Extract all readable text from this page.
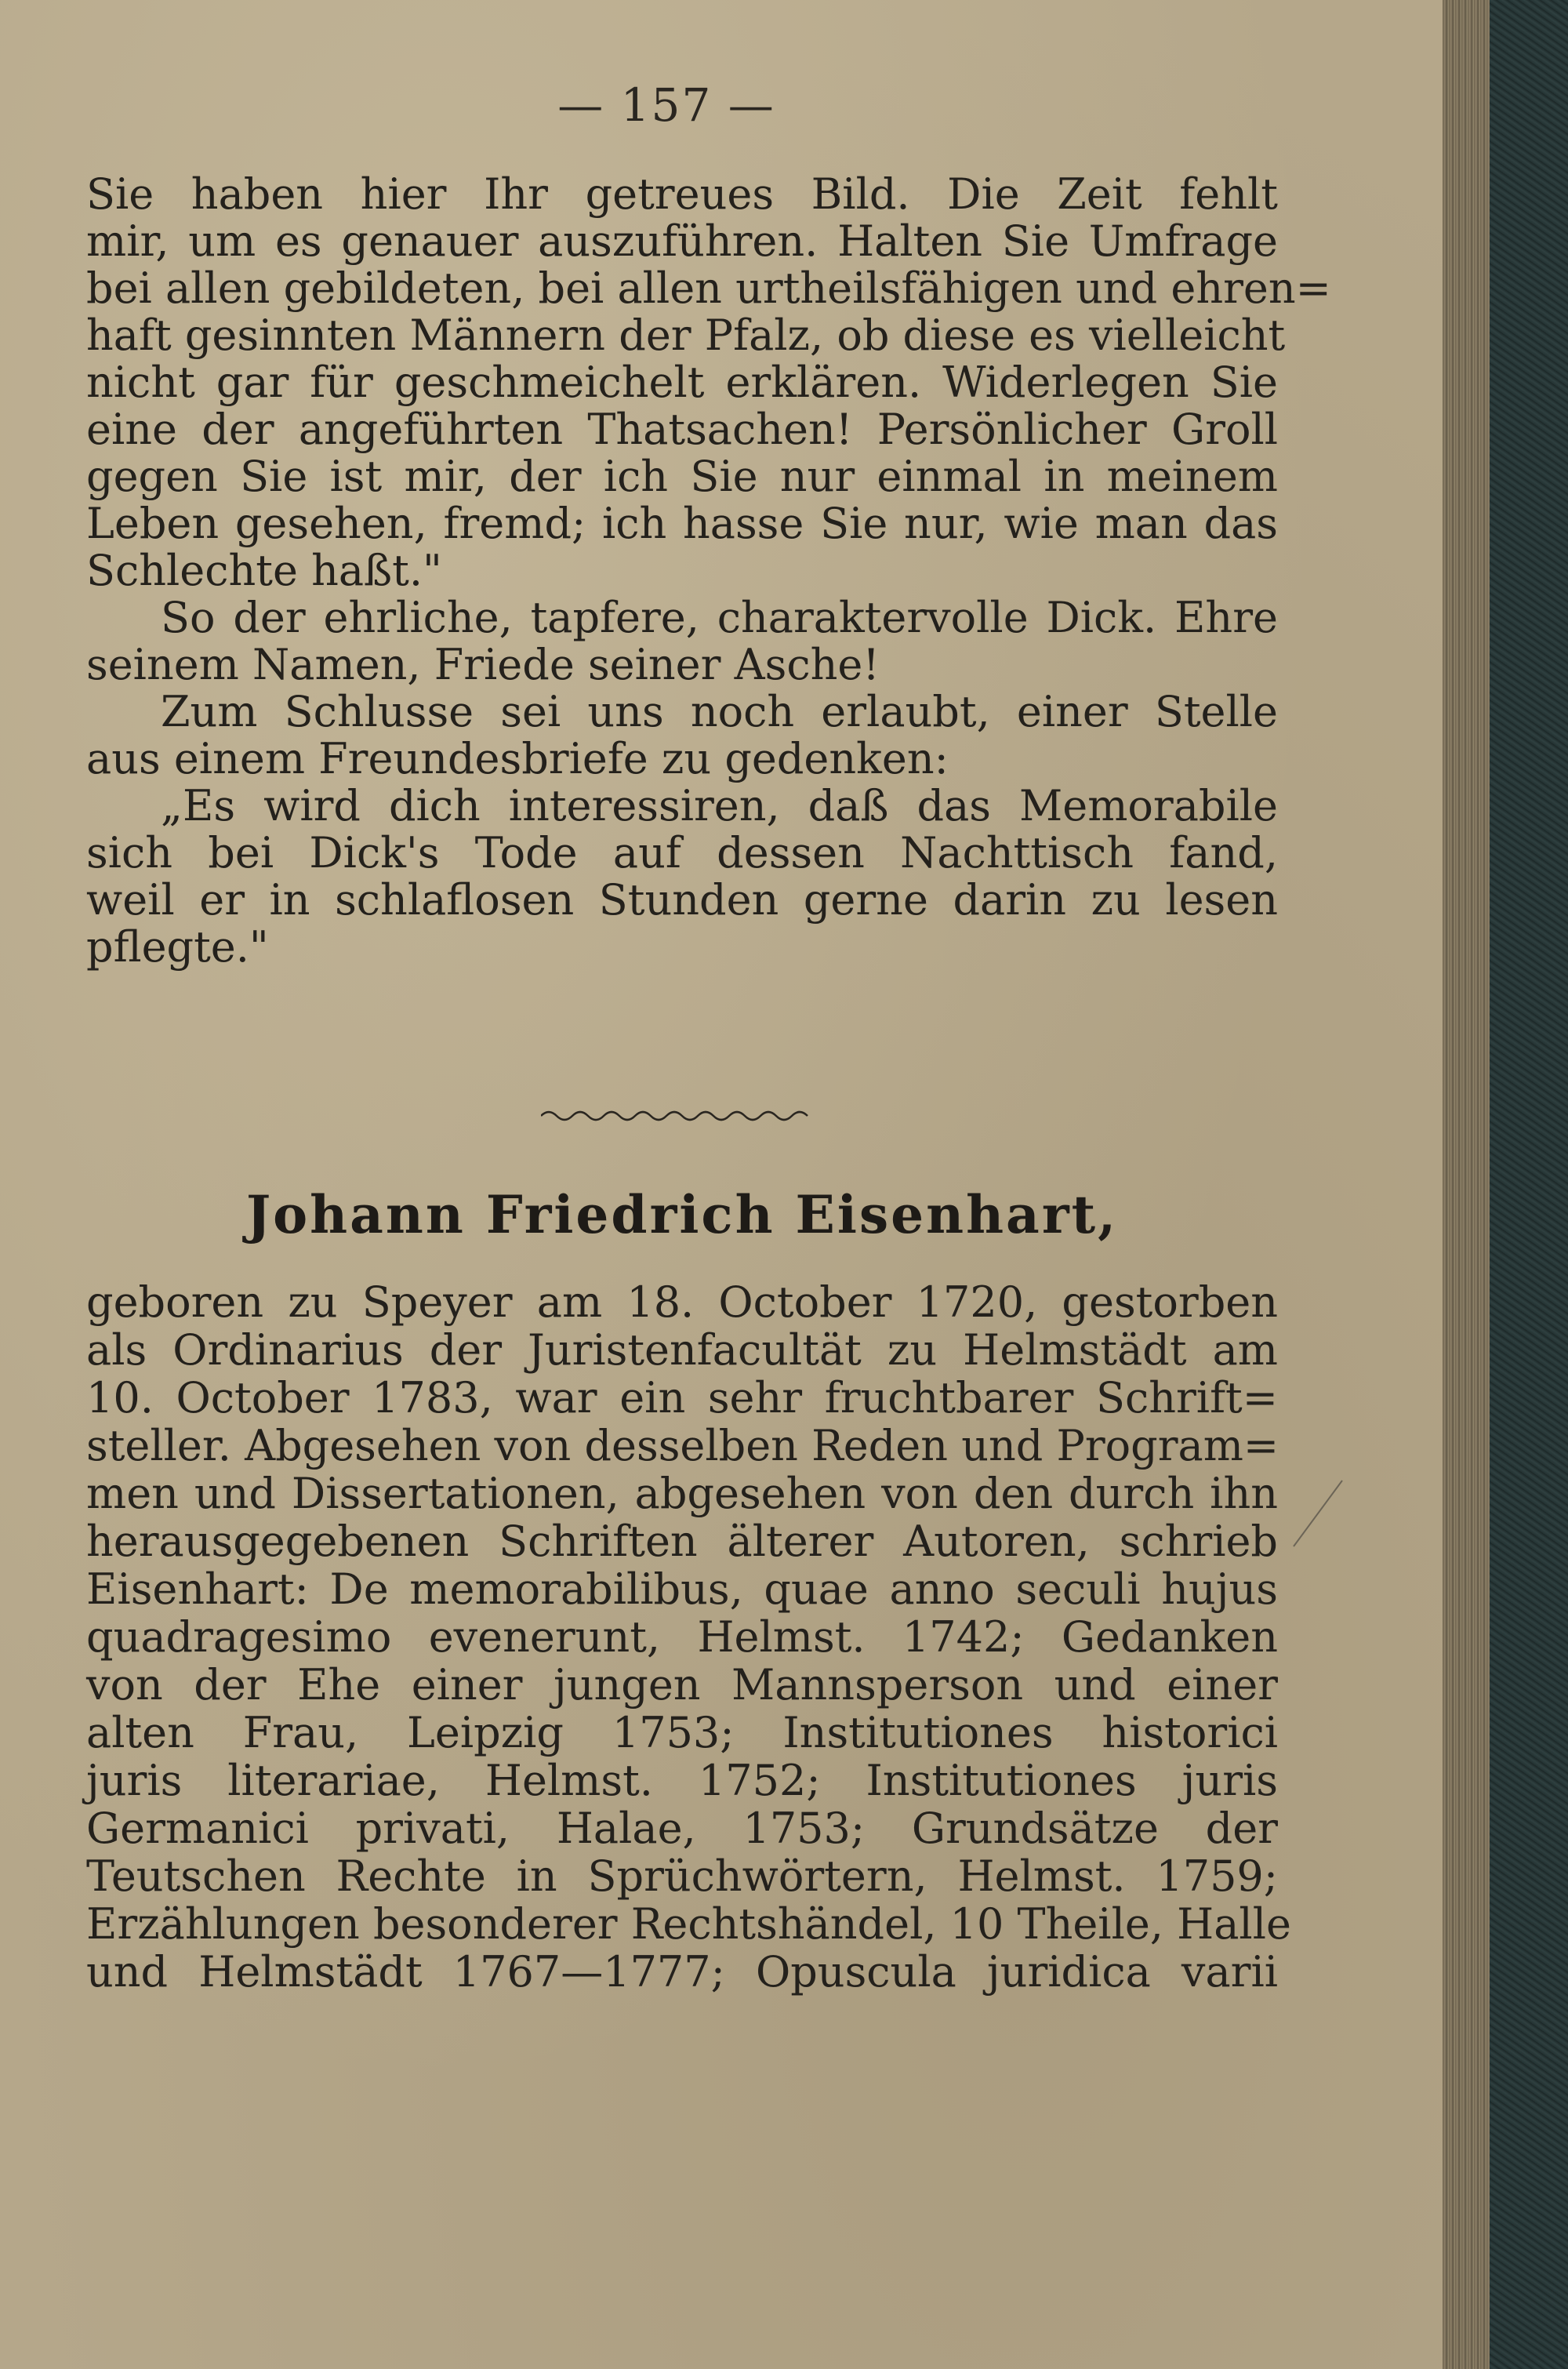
— 157 —
Sie haben hier Ihr getreues Bild. Die Zeit fehlt
mir, um es genauer auszuführen. Halten Sie Umfrage
bei allen gebildeten, bei allen urtheilsfähigen und ehren=
haft gesinnten Männern der Pfalz, ob diese es vielleicht
nicht gar für geschmeichelt erklären. Widerlegen Sie
eine der angeführten Thatsachen! Persönlicher Groll
gegen Sie ist mir, der ich Sie nur einmal in meinem
Leben gesehen, fremd; ich hasse Sie nur, wie man das
Schlechte haßt."
So der ehrliche, tapfere, charaktervolle Dick. Ehre
seinem Namen, Friede seiner Asche!
Zum Schlusse sei uns noch erlaubt, einer Stelle
aus einem Freundesbriefe zu gedenken:
„Es wird dich interessiren, daß das Memorabile
sich bei Dick's Tode auf dessen Nachttisch fand,
weil er in schlaflosen Stunden gerne darin zu lesen
pflegte."
Johann Friedrich Eisenhart,
geboren zu Speyer am 18. October 1720, gestorben
als Ordinarius der Juristenfacultät zu Helmstädt am
10. October 1783, war ein sehr fruchtbarer Schrift=
steller. Abgesehen von desselben Reden und Program=
men und Dissertationen, abgesehen von den durch ihn
herausgegebenen Schriften älterer Autoren, schrieb
Eisenhart: De memorabilibus, quae anno seculi hujus
quadragesimo evenerunt, Helmst. 1742; Gedanken
von der Ehe einer jungen Mannsperson und einer
alten Frau, Leipzig 1753; Institutiones historici
juris literariae, Helmst. 1752; Institutiones juris
Germanici privati, Halae, 1753; Grundsätze der
Teutschen Rechte in Sprüchwörtern, Helmst. 1759;
Erzählungen besonderer Rechtshändel, 10 Theile, Halle
und Helmstädt 1767—1777; Opuscula juridica varii
